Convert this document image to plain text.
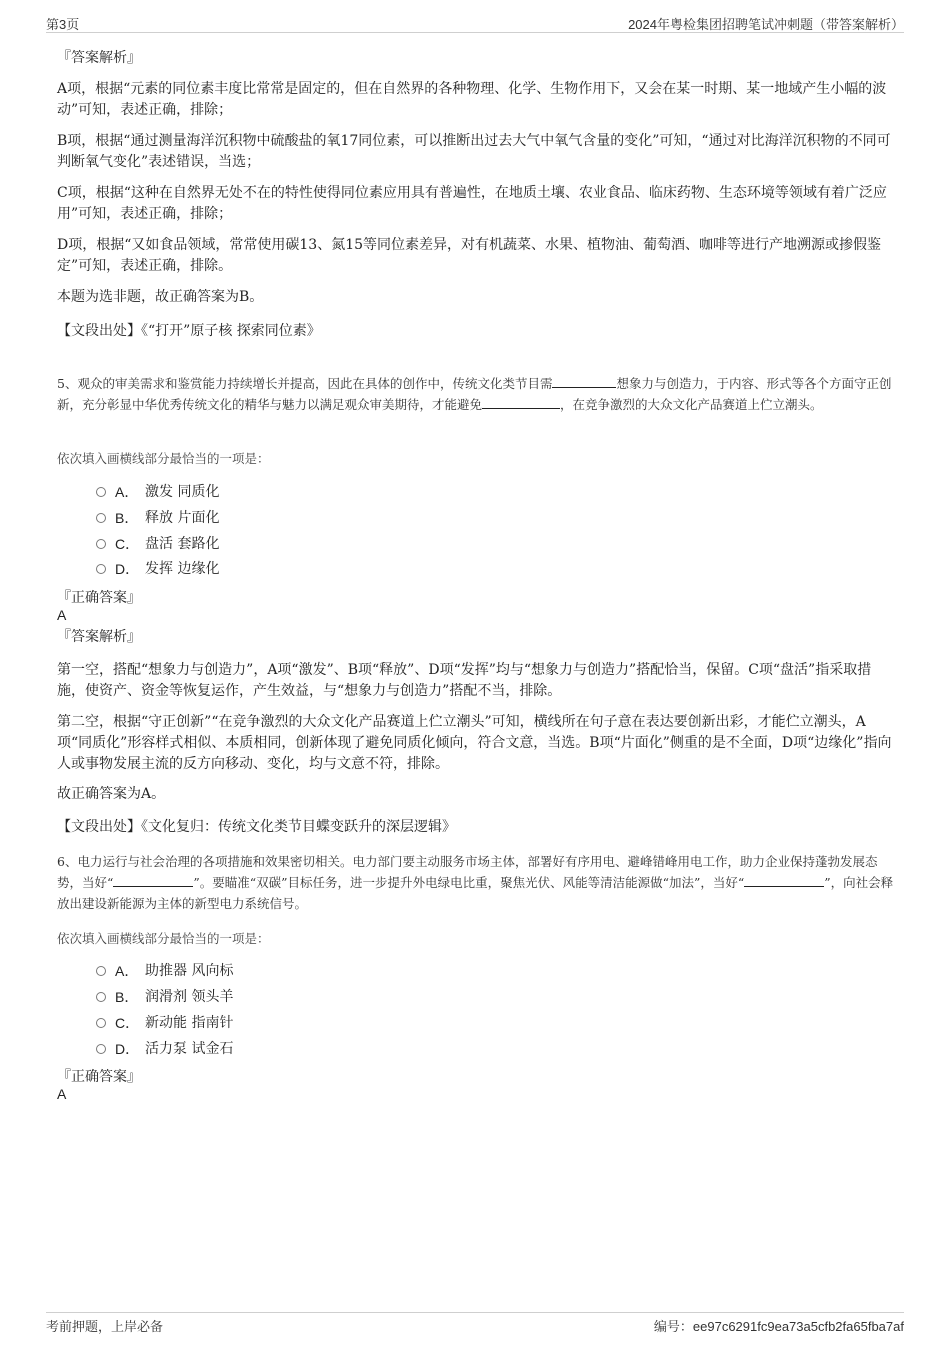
第3页	2024年粤检集团招聘笔试冲刺题（带答案解析）

『答案解析』

A项，根据“元素的同位素丰度比常常是固定的，但在自然界的各种物理、化学、生物作用下，又会在某一时期、某一地域产生小幅的波动”可知，表述正确，排除；

B项，根据“通过测量海洋沉积物中硫酸盐的氧17同位素，可以推断出过去大气中氧气含量的变化”可知，“通过对比海洋沉积物的不同可判断氧气变化”表述错误，当选；

C项，根据“这种在自然界无处不在的特性使得同位素应用具有普遍性，在地质土壤、农业食品、临床药物、生态环境等领域有着广泛应用”可知，表述正确，排除；

D项，根据“又如食品领域，常常使用碳13、氮15等同位素差异，对有机蔬菜、水果、植物油、葡萄酒、咖啡等进行产地溯源或掺假鉴定”可知，表述正确，排除。

本题为选非题，故正确答案为B。

【文段出处】《“打开”原子核 探索同位素》

5、观众的审美需求和鉴赏能力持续增长并提高，因此在具体的创作中，传统文化类节目需	想象力与创造力，于内容、形式等各个方面守正创新，充分彰显中华优秀传统文化的精华与魅力以满足观众审美期待，才能避免	，在竞争激烈的大众文化产品赛道上伫立潮头。

依次填入画横线部分最恰当的一项是：

A． 激发 同质化
B． 释放 片面化
C． 盘活 套路化
D． 发挥 边缘化

『正确答案』

A

『答案解析』

第一空，搭配“想象力与创造力”，A项“激发”、B项“释放”、D项“发挥”均与“想象力与创造力”搭配恰当，保留。C项“盘活”指采取措施，使资产、资金等恢复运作，产生效益，与“想象力与创造力”搭配不当，排除。

第二空，根据“守正创新”“在竞争激烈的大众文化产品赛道上伫立潮头”可知，横线所在句子意在表达要创新出彩，才能伫立潮头，A项“同质化”形容样式相似、本质相同，创新体现了避免同质化倾向，符合文意，当选。B项“片面化”侧重的是不全面，D项“边缘化”指向人或事物发展主流的反方向移动、变化，均与文意不符，排除。

故正确答案为A。

【文段出处】《文化复归：传统文化类节目蝶变跃升的深层逻辑》

6、电力运行与社会治理的各项措施和效果密切相关。电力部门要主动服务市场主体，部署好有序用电、避峰错峰用电工作，助力企业保持蓬勃发展态势，当好“	”。要瞄准“双碳”目标任务，进一步提升外电绿电比重，聚焦光伏、风能等清洁能源做“加法”，当好“	”，向社会释放出建设新能源为主体的新型电力系统信号。

依次填入画横线部分最恰当的一项是：

A． 助推器 风向标
B． 润滑剂 领头羊
C． 新动能 指南针
D． 活力泵 试金石

『正确答案』

A
考前押题，上岸必备	编号：ee97c6291fc9ea73a5cfb2fa65fba7af
